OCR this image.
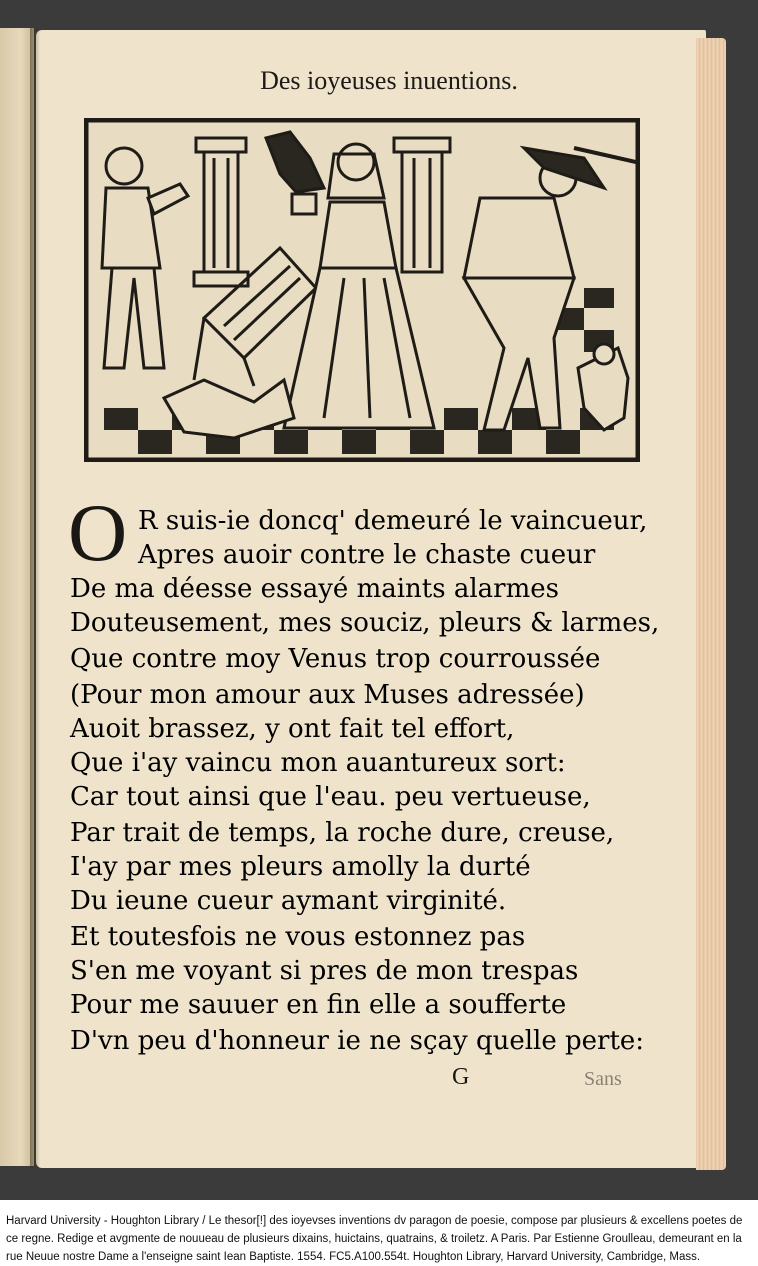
Des ioyeuses inuentions.
O R suis-ie doncq' demeuré le vaincueur,
Apres auoir contre le chaste cueur
De ma déesse essayé maints alarmes
Douteusement, mes souciz, pleurs & larmes,
Que contre moy Venus trop courroussée
(Pour mon amour aux Muses adressée)
Auoit brassez, y ont fait tel effort,
Que i'ay vaincu mon auantureux sort:
Car tout ainsi que l'eau. peu vertueuse,
Par trait de temps, la roche dure, creuse,
I'ay par mes pleurs amolly la durté
Du ieune cueur aymant virginité.
Et toutesfois ne vous estonnez pas
S'en me voyant si pres de mon trespas
Pour me sauuer en fin elle a soufferte
D'vn peu d'honneur ie ne sçay quelle perte:
G	Sans
Harvard University - Houghton Library / Le thesor[!] des ioyevses inventions dv paragon de poesie, compose par plusieurs & excellens poetes de ce regne. Redige et avgmente de nouueau de plusieurs dixains, huictains, quatrains, & troiletz. A Paris. Par Estienne Groulleau, demeurant en la rue Neuue nostre Dame a l'enseigne saint Iean Baptiste. 1554. FC5.A100.554t. Houghton Library, Harvard University, Cambridge, Mass.
